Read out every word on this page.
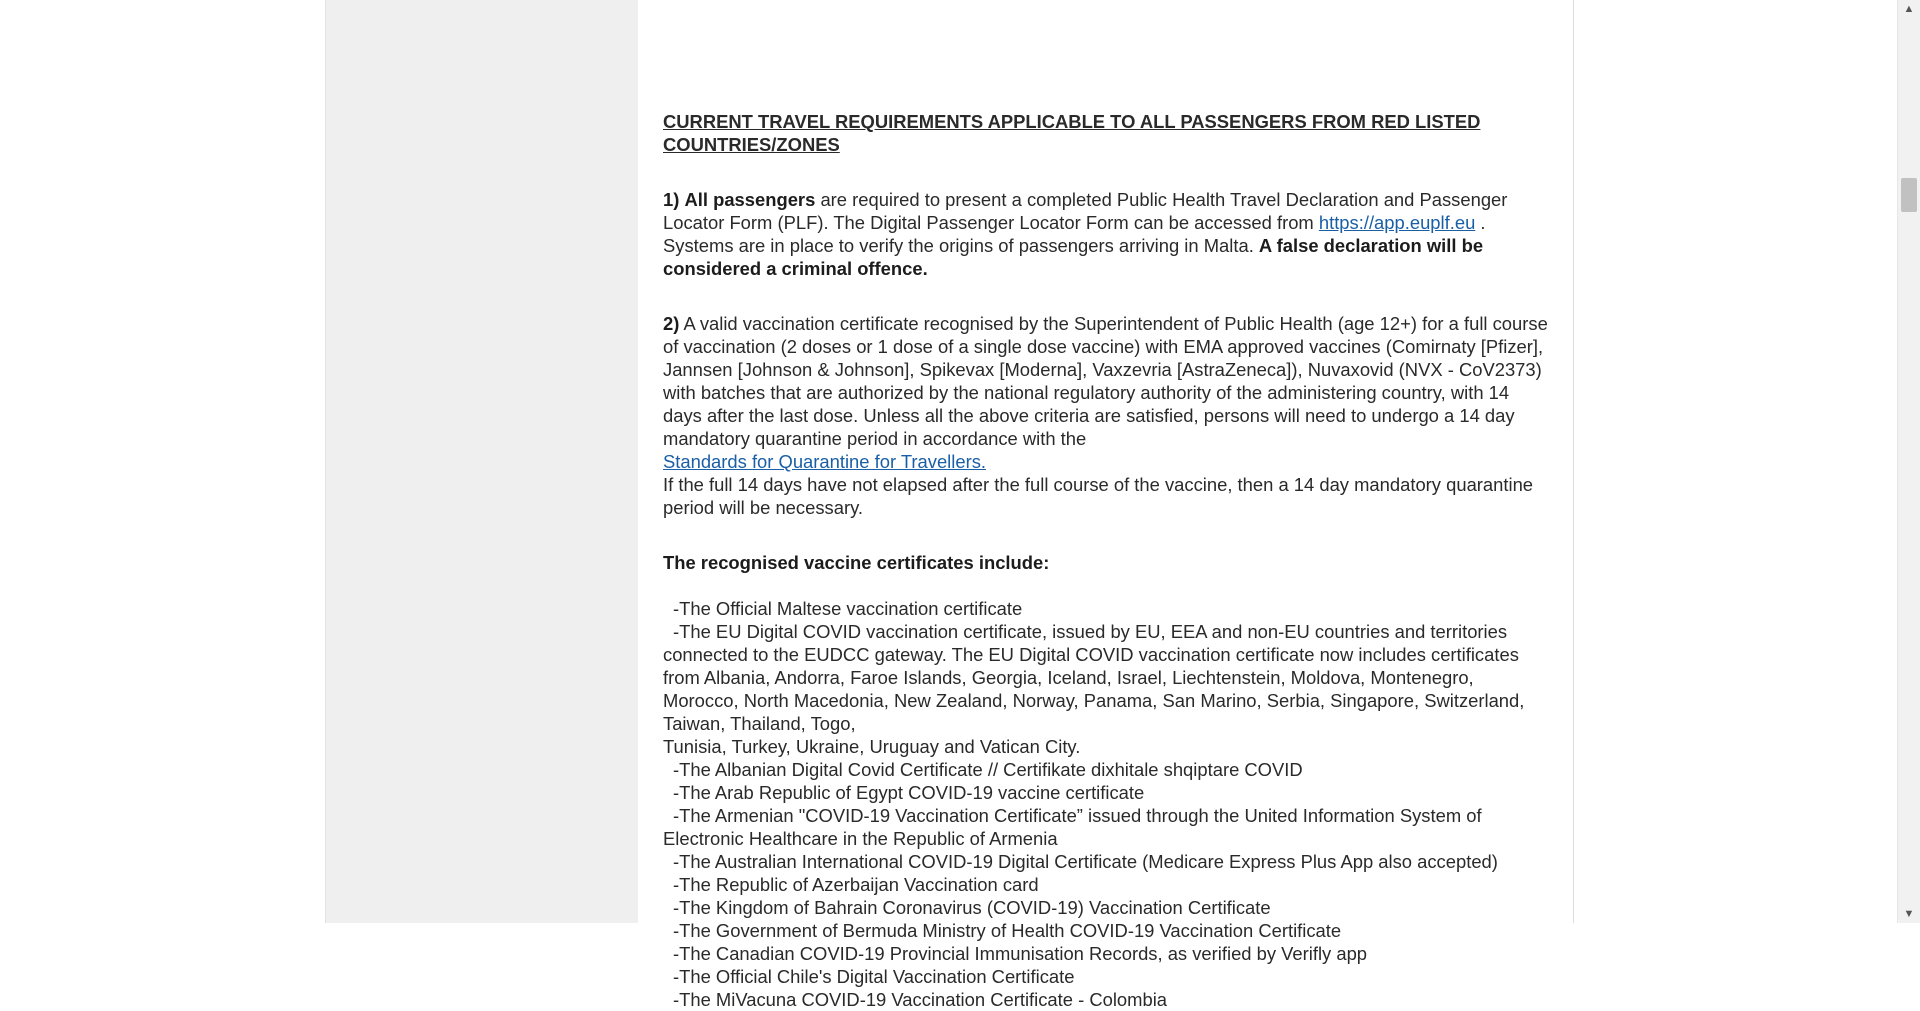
CURRENT TRAVEL REQUIREMENTS APPLICABLE TO ALL PASSENGERS FROM RED LISTED COUNTRIES/ZONES

1) All passengers are required to present a completed Public Health Travel Declaration and Passenger Locator Form (PLF). The Digital Passenger Locator Form can be accessed from https://app.euplf.eu . Systems are in place to verify the origins of passengers arriving in Malta. A false declaration will be considered a criminal offence.

2) A valid vaccination certificate recognised by the Superintendent of Public Health (age 12+) for a full course of vaccination (2 doses or 1 dose of a single dose vaccine) with EMA approved vaccines (Comirnaty [Pfizer], Jannsen [Johnson & Johnson], Spikevax [Moderna], Vaxzevria [AstraZeneca]), Nuvaxovid (NVX - CoV2373) with batches that are authorized by the national regulatory authority of the administering country, with 14 days after the last dose. Unless all the above criteria are satisfied, persons will need to undergo a 14 day mandatory quarantine period in accordance with the

Standards for Quarantine for Travellers.

If the full 14 days have not elapsed after the full course of the vaccine, then a 14 day mandatory quarantine period will be necessary.

The recognised vaccine certificates include:

-The Official Maltese vaccination certificate

-The EU Digital COVID vaccination certificate, issued by EU, EEA and non-EU countries and territories connected to the EUDCC gateway. The EU Digital COVID vaccination certificate now includes certificates from Albania, Andorra, Faroe Islands, Georgia, Iceland, Israel, Liechtenstein, Moldova, Montenegro, Morocco, North Macedonia, New Zealand, Norway, Panama, San Marino, Serbia, Singapore, Switzerland, Taiwan, Thailand, Togo,

Tunisia, Turkey, Ukraine, Uruguay and Vatican City.

-The Albanian Digital Covid Certificate // Certifikate dixhitale shqiptare COVID

-The Arab Republic of Egypt COVID-19 vaccine certificate

-The Armenian "COVID-19 Vaccination Certificate” issued through the United Information System of Electronic Healthcare in the Republic of Armenia

-The Australian International COVID-19 Digital Certificate (Medicare Express Plus App also accepted)

-The Republic of Azerbaijan Vaccination card

-The Kingdom of Bahrain Coronavirus (COVID-19) Vaccination Certificate

-The Government of Bermuda Ministry of Health COVID-19 Vaccination Certificate

-The Canadian COVID-19 Provincial Immunisation Records, as verified by Verifly app

-The Official Chile's Digital Vaccination Certificate

-The MiVacuna COVID-19 Vaccination Certificate - Colombia

▲
▼
